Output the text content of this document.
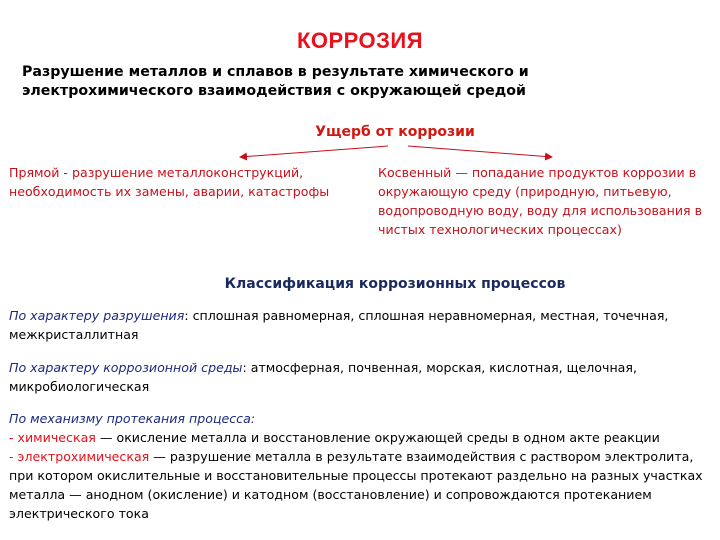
КОРРОЗИЯ
Разрушение металлов и сплавов в результате химического и электрохимического взаимодействия с окружающей средой
Ущерб от коррозии
Прямой - разрушение металлоконструкций, необходимость их замены, аварии, катастрофы
Косвенный — попадание продуктов коррозии в окружающую среду (природную, питьевую, водопроводную воду, воду для использования в чистых технологических процессах)
Классификация коррозионных процессов
По характеру разрушения: сплошная равномерная, сплошная неравномерная, местная, точечная, межкристаллитная
По характеру коррозионной среды: атмосферная, почвенная, морская, кислотная, щелочная, микробиологическая

По механизму протекания процесса:

- химическая — окисление металла и восстановление окружающей среды в одном акте реакции

- электрохимическая — разрушение металла в результате взаимодействия с раствором электролита, при котором окислительные и восстановительные процессы протекают раздельно на разных участках металла — анодном (окисление) и катодном (восстановление) и сопровождаются протеканием электрического тока
